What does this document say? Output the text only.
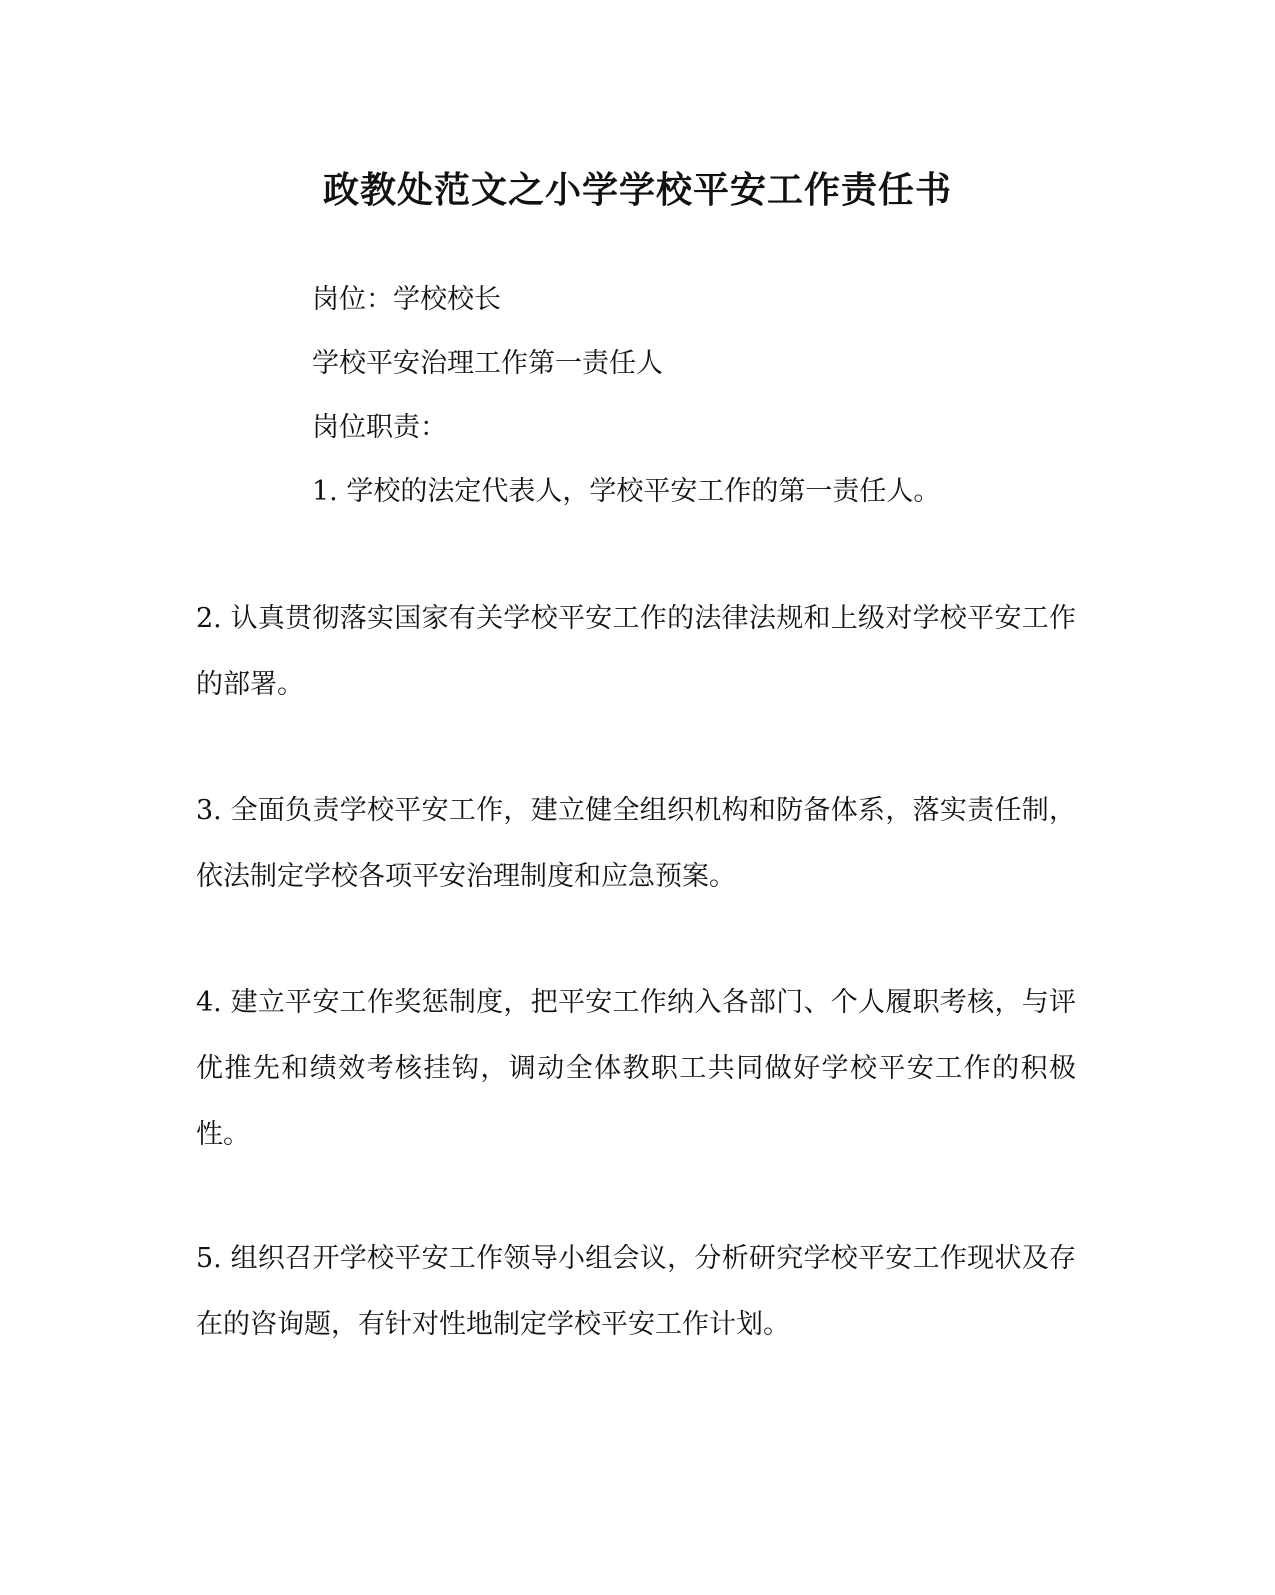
政教处范文之小学学校平安工作责任书

岗位：学校校长

学校平安治理工作第一责任人

岗位职责：

1. 学校的法定代表人，学校平安工作的第一责任人。

2. 认真贯彻落实国家有关学校平安工作的法律法规和上级对学校平安工作的部署。

3. 全面负责学校平安工作，建立健全组织机构和防备体系，落实责任制，依法制定学校各项平安治理制度和应急预案。

4. 建立平安工作奖惩制度，把平安工作纳入各部门、个人履职考核，与评优推先和绩效考核挂钩，调动全体教职工共同做好学校平安工作的积极性。

5. 组织召开学校平安工作领导小组会议，分析研究学校平安工作现状及存在的咨询题，有针对性地制定学校平安工作计划。
